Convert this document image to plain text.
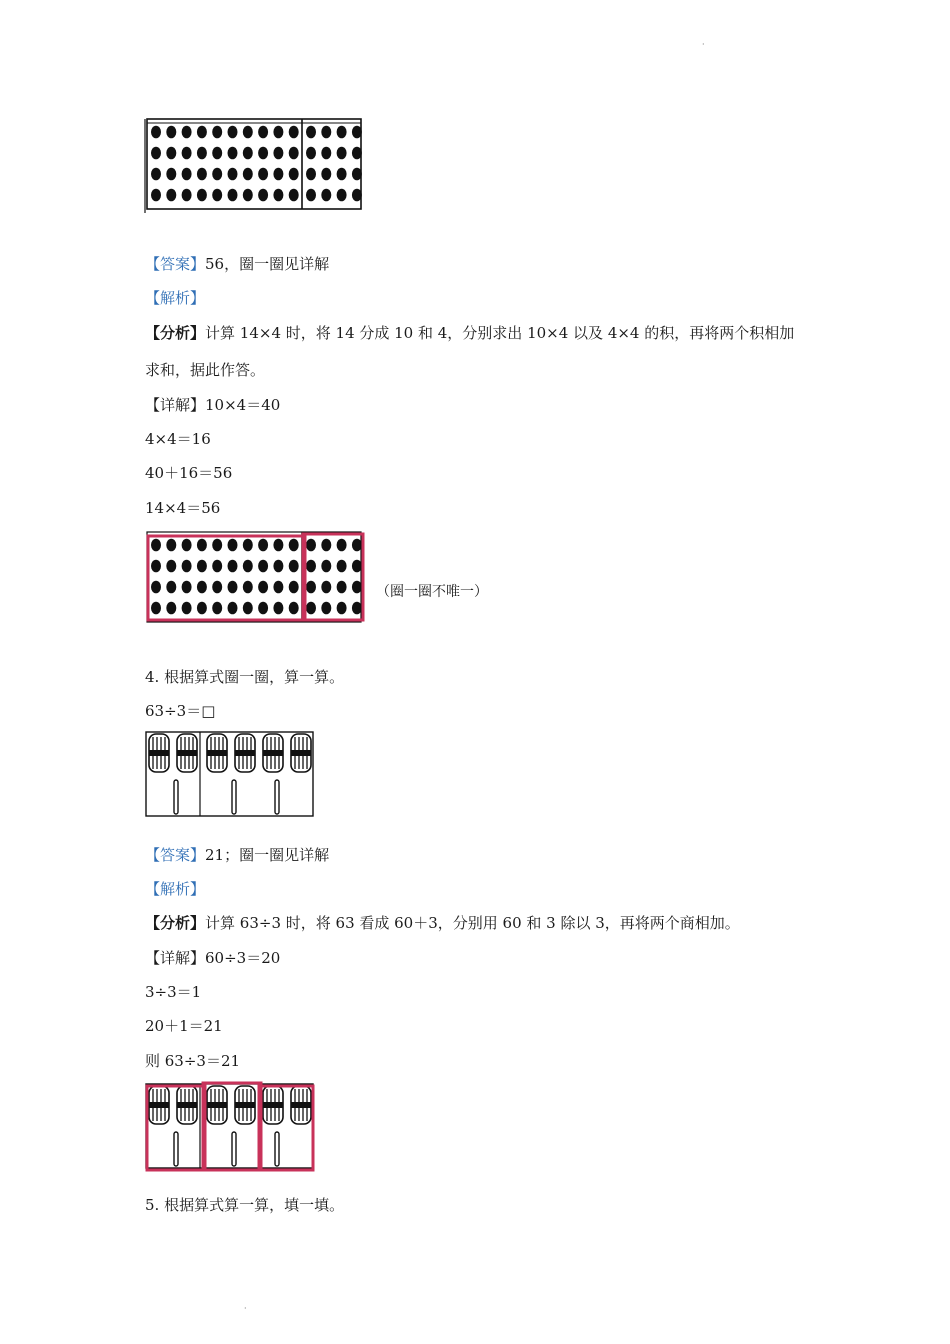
·
【答案】56，圈一圈见详解
【解析】
【分析】计算 14×4 时，将 14 分成 10 和 4，分别求出 10×4 以及 4×4 的积，再将两个积相加
求和，据此作答。
【详解】10×4＝40
4×4＝16
40＋16＝56
14×4＝56
（圈一圈不唯一）
4. 根据算式圈一圈，算一算。
63÷3＝□
【答案】21；圈一圈见详解
【解析】
【分析】计算 63÷3 时，将 63 看成 60＋3，分别用 60 和 3 除以 3，再将两个商相加。
【详解】60÷3＝20
3÷3＝1
20＋1＝21
则 63÷3＝21
5. 根据算式算一算，填一填。
·
